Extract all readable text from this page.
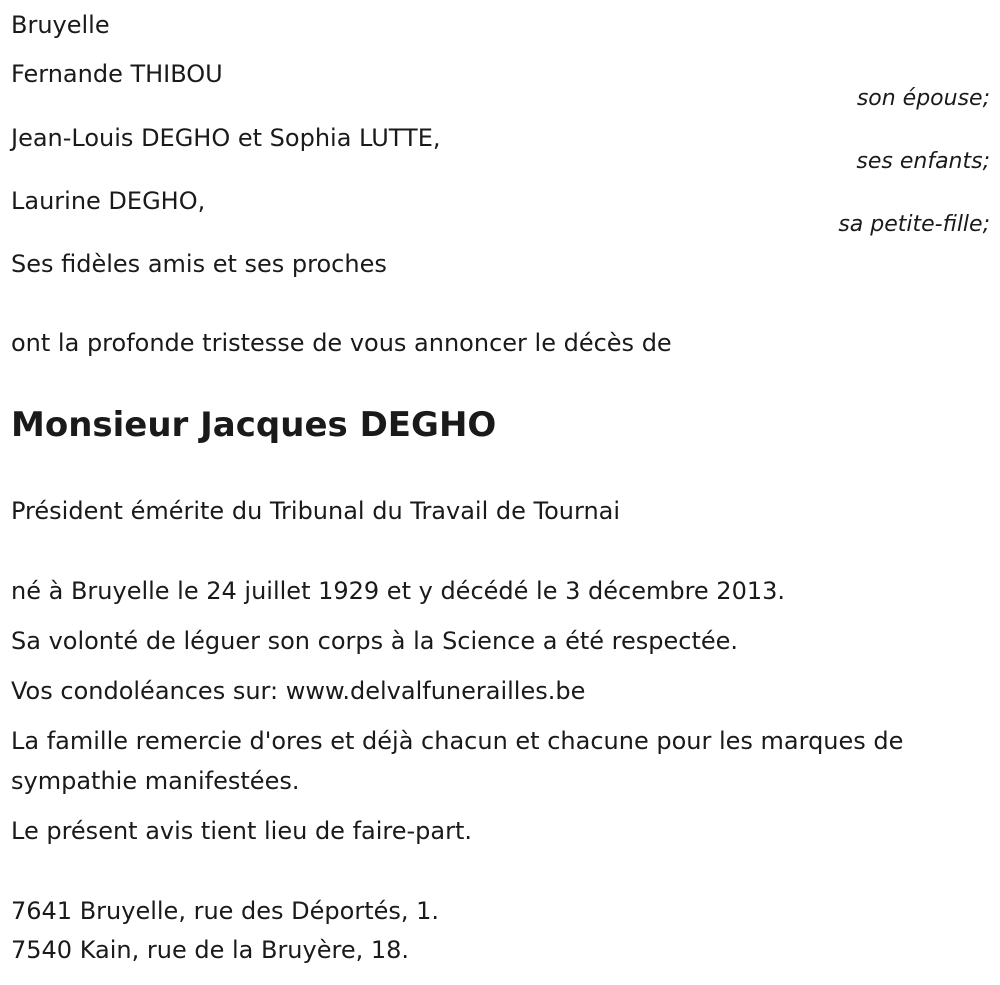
Bruyelle
Fernande THIBOU
son épouse;
Jean-Louis DEGHO et Sophia LUTTE,
ses enfants;
Laurine DEGHO,
sa petite-fille;
Ses fidèles amis et ses proches
ont la profonde tristesse de vous annoncer le décès de
Monsieur Jacques DEGHO
Président émérite du Tribunal du Travail de Tournai
né à Bruyelle le 24 juillet 1929 et y décédé le 3 décembre 2013.
Sa volonté de léguer son corps à la Science a été respectée.
Vos condoléances sur: www.delvalfunerailles.be
La famille remercie d'ores et déjà chacun et chacune pour les marques de sympathie manifestées.
Le présent avis tient lieu de faire-part.
7641 Bruyelle, rue des Déportés, 1.
7540 Kain, rue de la Bruyère, 18.
